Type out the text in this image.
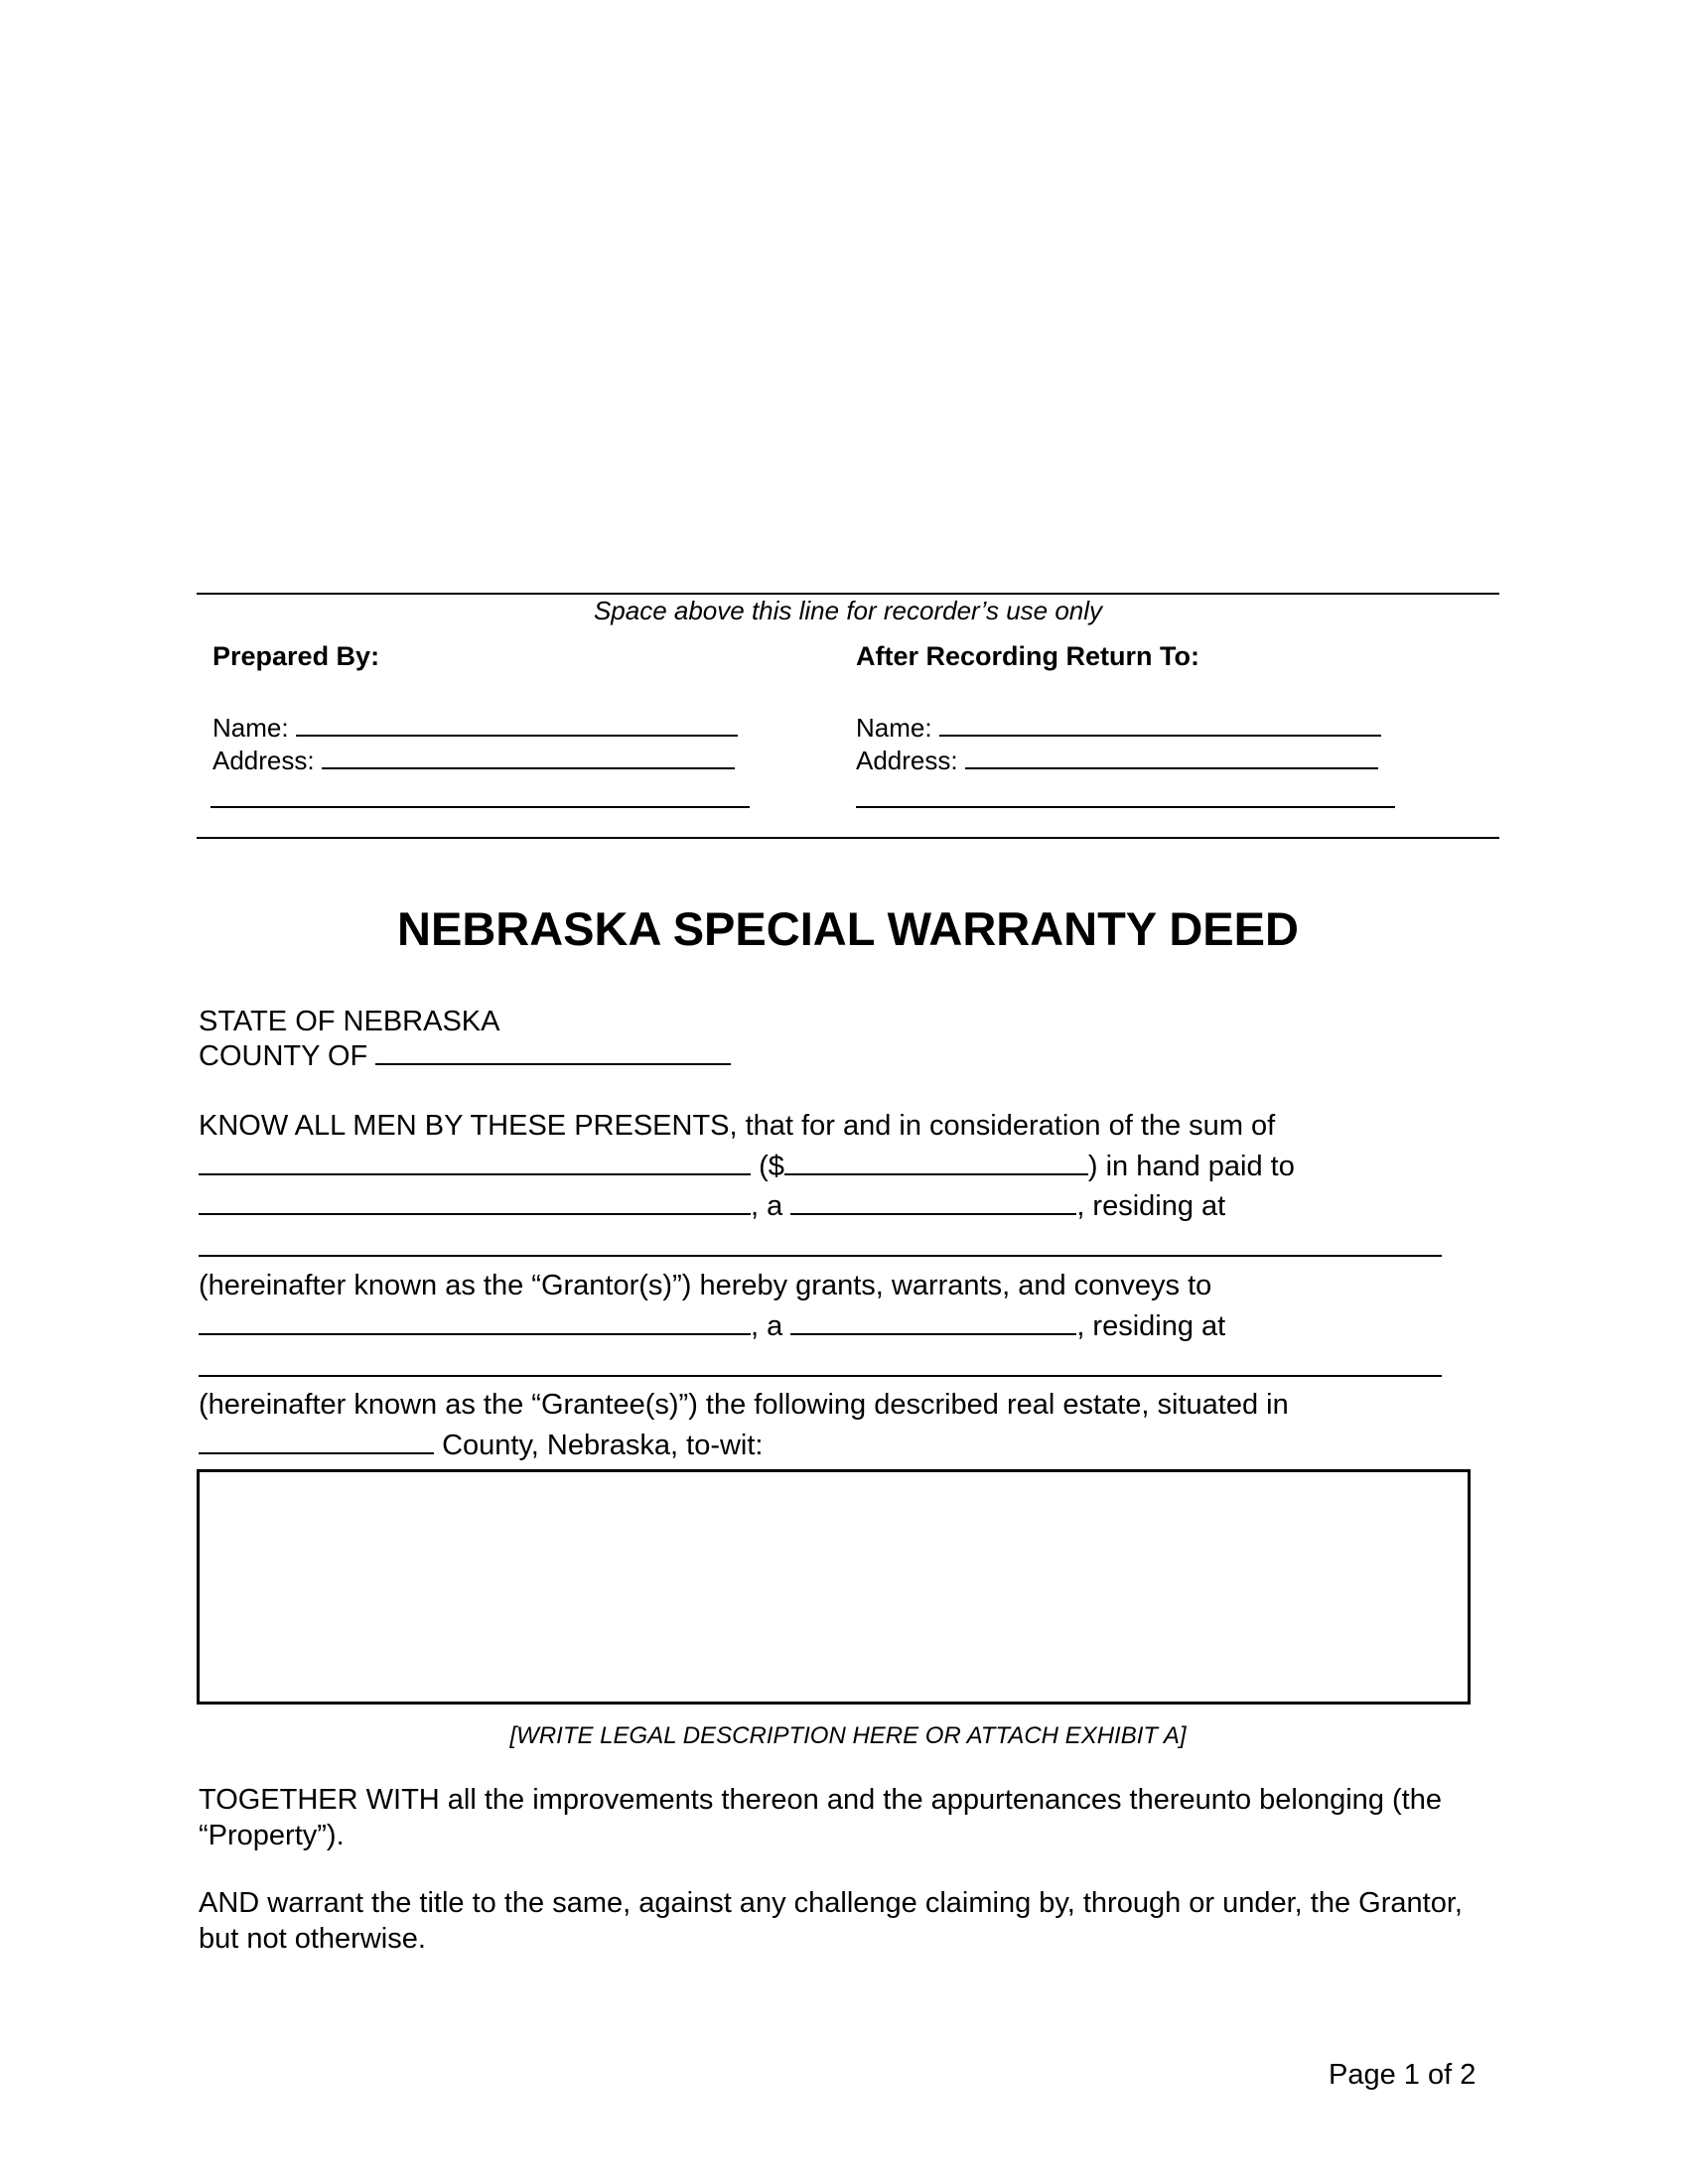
Space above this line for recorder’s use only
Prepared By:
Name:
Address:
After Recording Return To:
Name:
Address:
NEBRASKA SPECIAL WARRANTY DEED
STATE OF NEBRASKA
COUNTY OF
KNOW ALL MEN BY THESE PRESENTS, that for and in consideration of the sum of
($	) in hand paid to
, a	, residing at
(hereinafter known as the “Grantor(s)”) hereby grants, warrants, and conveys to
, a	, residing at
(hereinafter known as the “Grantee(s)”) the following described real estate, situated in
County, Nebraska, to-wit:
[WRITE LEGAL DESCRIPTION HERE OR ATTACH EXHIBIT A]
TOGETHER WITH all the improvements thereon and the appurtenances thereunto belonging (the “Property”).
AND warrant the title to the same, against any challenge claiming by, through or under, the Grantor, but not otherwise.
Page 1 of 2
